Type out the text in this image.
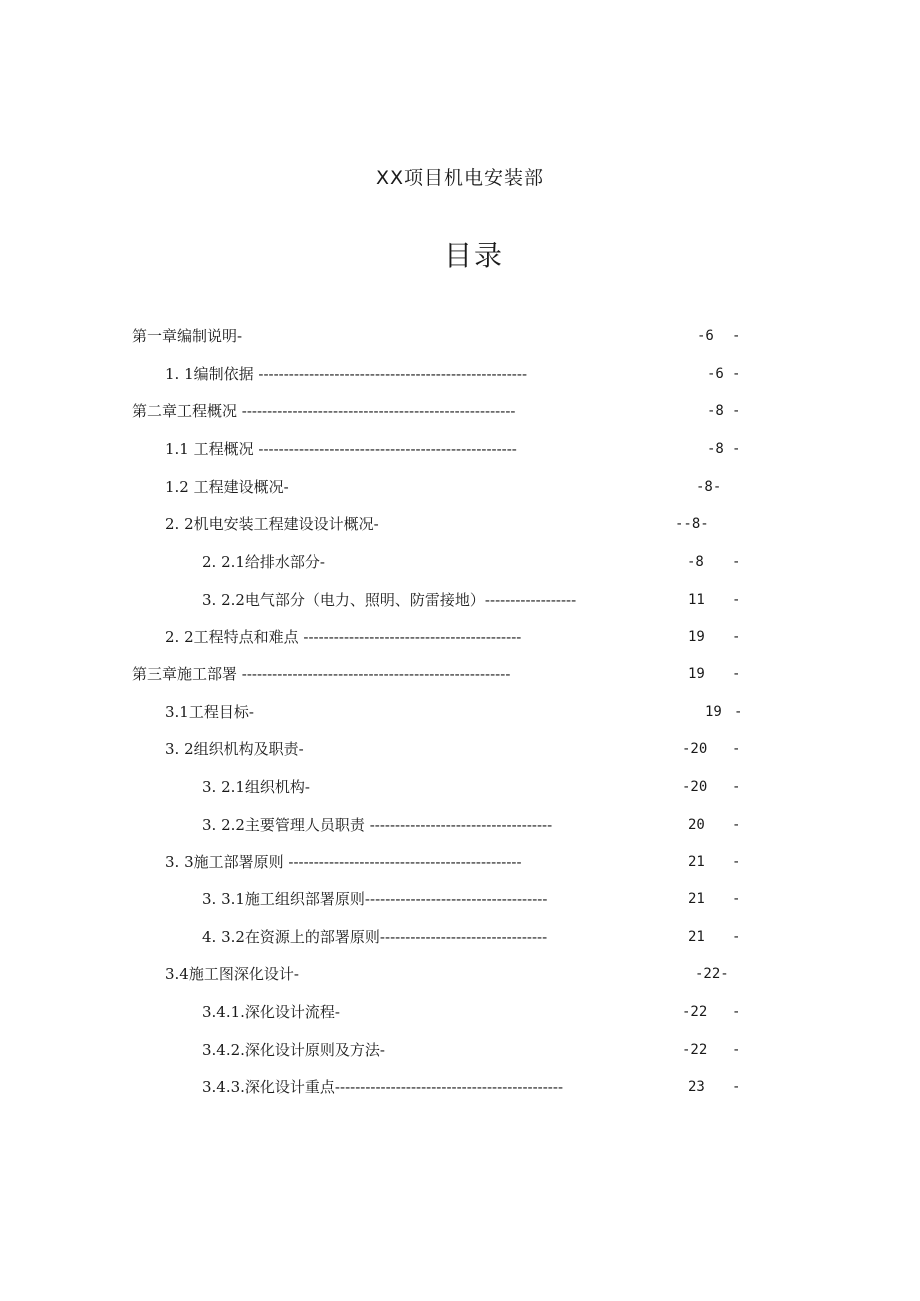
XX项目机电安装部
目录
第一章编制说明-	-6 -
1. 1编制依据 -----------------------------------------------------	-6 -
第二章工程概况 ------------------------------------------------------	-8 -
1.1 工程概况 ---------------------------------------------------	-8 -
1.2 工程建设概况-	-8-
2. 2机电安装工程建设设计概况-	--8-
2. 2.1给排水部分-	-8 -
3. 2.2电气部分（电力、照明、防雷接地）------------------	11 -
2. 2工程特点和难点 -------------------------------------------	19 -
第三章施工部署 -----------------------------------------------------	19 -
3.1工程目标-	19 -
3. 2组织机构及职责-	-20 -
3. 2.1组织机构-	-20 -
3. 2.2主要管理人员职责 ------------------------------------	20 -
3. 3施工部署原则 ----------------------------------------------	21 -
3. 3.1施工组织部署原则------------------------------------	21 -
4. 3.2在资源上的部署原则---------------------------------	21 -
3.4施工图深化设计-	-22-
3.4.1.深化设计流程-	-22 -
3.4.2.深化设计原则及方法-	-22 -
3.4.3.深化设计重点---------------------------------------------	23 -
